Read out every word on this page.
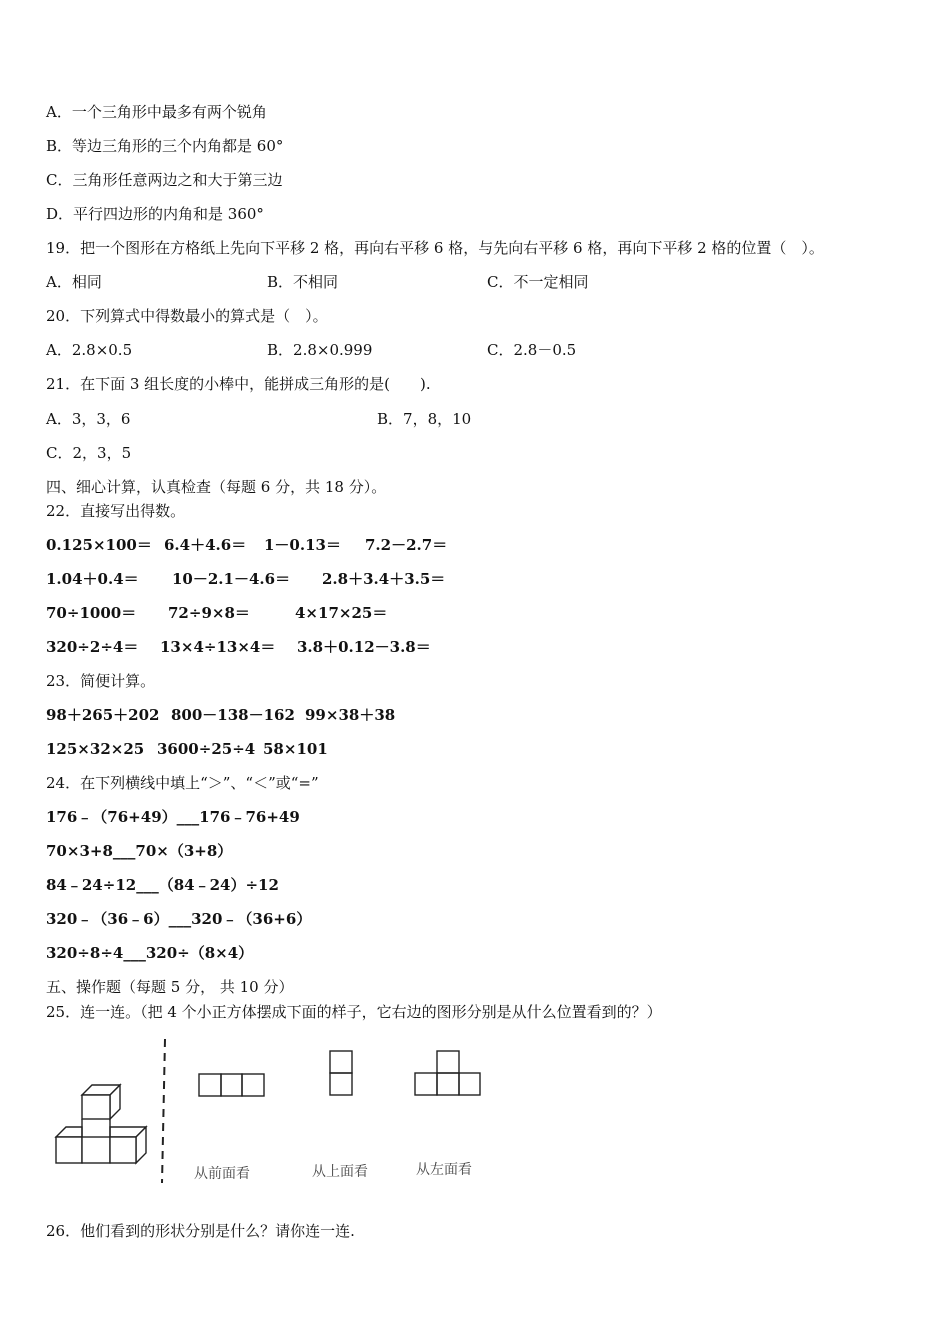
A．一个三角形中最多有两个锐角
B．等边三角形的三个内角都是 60°
C．三角形任意两边之和大于第三边
D．平行四边形的内角和是 360°
19．把一个图形在方格纸上先向下平移 2 格，再向右平移 6 格，与先向右平移 6 格，再向下平移 2 格的位置（　）。
A．相同	B．不相同	C．不一定相同
20．下列算式中得数最小的算式是（　）。
A．2.8×0.5	B．2.8×0.999	C．2.8－0.5
21．在下面 3 组长度的小棒中，能拼成三角形的是(　　).
A．3，3，6	B．7，8，10
C．2，3，5
四、细心计算，认真检查（每题 6 分，共 18 分）。
22．直接写出得数。
0.125×100＝ 6.4＋4.6＝ 1－0.13＝ 7.2－2.7＝
1.04＋0.4＝ 10－2.1－4.6＝ 2.8＋3.4＋3.5＝
70÷1000＝ 72÷9×8＝	4×17×25＝
320÷2÷4＝ 13×4÷13×4＝ 3.8＋0.12－3.8＝
23．简便计算。
98＋265＋202 800－138－162 99×38＋38
125×32×25 3600÷25÷4 58×101
24．在下列横线中填上“＞”、“＜”或“=”
176﹣（76+49）___176﹣76+49
70×3+8___70×（3+8）
84﹣24÷12___（84﹣24）÷12
320﹣（36﹣6）___320﹣（36+6）
320÷8÷4___320÷（8×4）
五、操作题（每题 5 分， 共 10 分）
25．连一连。（把 4 个小正方体摆成下面的样子，它右边的图形分别是从什么位置看到的？）
从前面看	从上面看	从左面看
26．他们看到的形状分别是什么？请你连一连.
